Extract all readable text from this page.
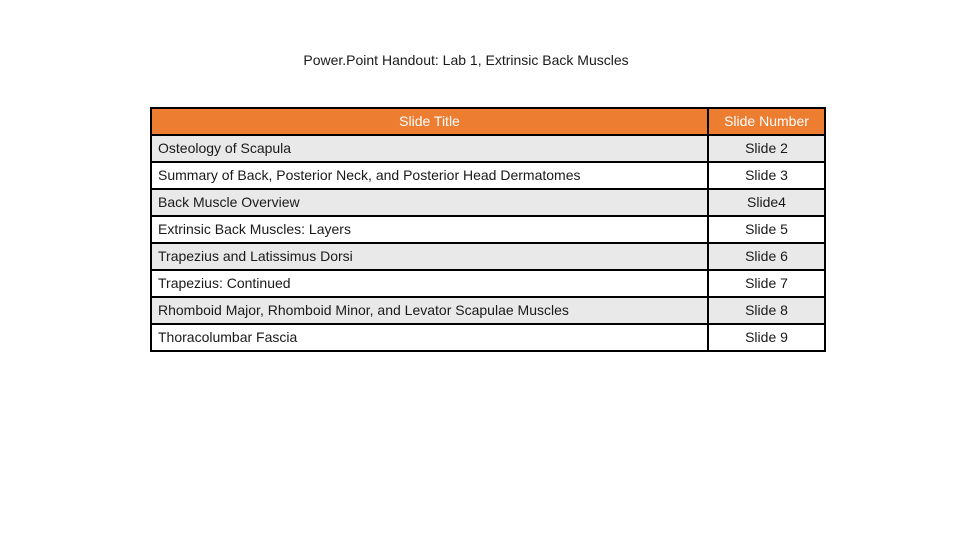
Power.Point Handout: Lab 1, Extrinsic Back Muscles
Slide Title	Slide Number
Osteology of Scapula	Slide 2
Summary of Back, Posterior Neck, and Posterior Head Dermatomes	Slide 3
Back Muscle Overview	Slide4
Extrinsic Back Muscles: Layers	Slide 5
Trapezius and Latissimus Dorsi	Slide 6
Trapezius: Continued	Slide 7
Rhomboid Major, Rhomboid Minor, and Levator Scapulae Muscles	Slide 8
Thoracolumbar Fascia	Slide 9
